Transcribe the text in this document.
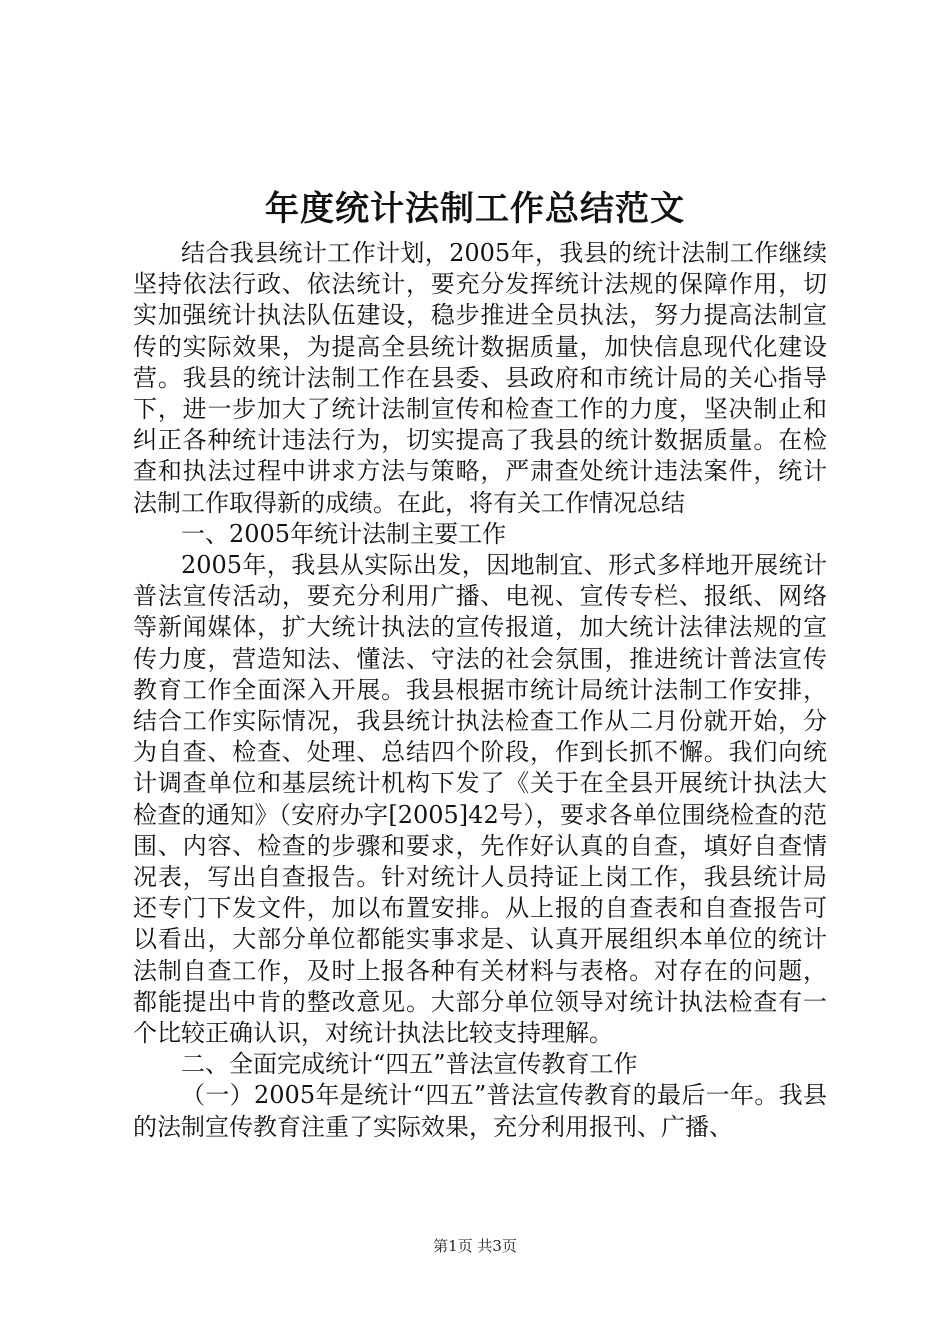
年度统计法制工作总结范文

结合我县统计工作计划，2005年，我县的统计法制工作继续坚持依法行政、依法统计，要充分发挥统计法规的保障作用，切实加强统计执法队伍建设，稳步推进全员执法，努力提高法制宣传的实际效果，为提高全县统计数据质量，加快信息现代化建设营。我县的统计法制工作在县委、县政府和市统计局的关心指导下，进一步加大了统计法制宣传和检查工作的力度，坚决制止和纠正各种统计违法行为，切实提高了我县的统计数据质量。在检查和执法过程中讲求方法与策略，严肃查处统计违法案件，统计法制工作取得新的成绩。在此，将有关工作情况总结

一、2005年统计法制主要工作

2005年，我县从实际出发，因地制宜、形式多样地开展统计普法宣传活动，要充分利用广播、电视、宣传专栏、报纸、网络等新闻媒体，扩大统计执法的宣传报道，加大统计法律法规的宣传力度，营造知法、懂法、守法的社会氛围，推进统计普法宣传教育工作全面深入开展。我县根据市统计局统计法制工作安排，结合工作实际情况，我县统计执法检查工作从二月份就开始，分为自查、检查、处理、总结四个阶段，作到长抓不懈。我们向统计调查单位和基层统计机构下发了《关于在全县开展统计执法大检查的通知》（安府办字[2005]42号），要求各单位围绕检查的范围、内容、检查的步骤和要求，先作好认真的自查，填好自查情况表，写出自查报告。针对统计人员持证上岗工作，我县统计局还专门下发文件，加以布置安排。从上报的自查表和自查报告可以看出，大部分单位都能实事求是、认真开展组织本单位的统计法制自查工作，及时上报各种有关材料与表格。对存在的问题，都能提出中肯的整改意见。大部分单位领导对统计执法检查有一个比较正确认识，对统计执法比较支持理解。

二、全面完成统计“四五”普法宣传教育工作

（一）2005年是统计“四五”普法宣传教育的最后一年。我县的法制宣传教育注重了实际效果，充分利用报刊、广播、

第1页 共3页
